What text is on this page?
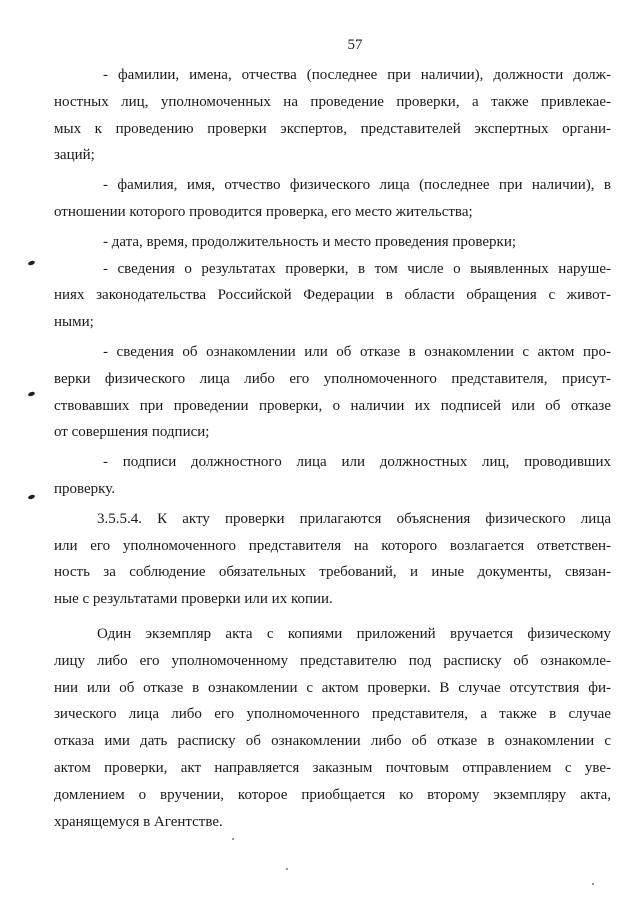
57
- фамилии, имена, отчества (последнее при наличии), должности долж-
ностных лиц, уполномоченных на проведение проверки, а также привлекае-
мых к проведению проверки экспертов, представителей экспертных органи-
заций;
- фамилия, имя, отчество физического лица (последнее при наличии), в
отношении которого проводится проверка, его место жительства;
- дата, время, продолжительность и место проведения проверки;
- сведения о результатах проверки, в том числе о выявленных наруше-
ниях законодательства Российской Федерации в области обращения с живот-
ными;
- сведения об ознакомлении или об отказе в ознакомлении с актом про-
верки физического лица либо его уполномоченного представителя, присут-
ствовавших при проведении проверки, о наличии их подписей или об отказе
от совершения подписи;
- подписи должностного лица или должностных лиц, проводивших
проверку.
3.5.5.4. К акту проверки прилагаются объяснения физического лица
или его уполномоченного представителя на которого возлагается ответствен-
ность за соблюдение обязательных требований, и иные документы, связан-
ные с результатами проверки или их копии.
Один экземпляр акта с копиями приложений вручается физическому
лицу либо его уполномоченному представителю под расписку об ознакомле-
нии или об отказе в ознакомлении с актом проверки. В случае отсутствия фи-
зического лица либо его уполномоченного представителя, а также в случае
отказа ими дать расписку об ознакомлении либо об отказе в ознакомлении с
актом проверки, акт направляется заказным почтовым отправлением с уве-
домлением о вручении, которое приобщается ко второму экземпляру акта,
хранящемуся в Агентстве.
